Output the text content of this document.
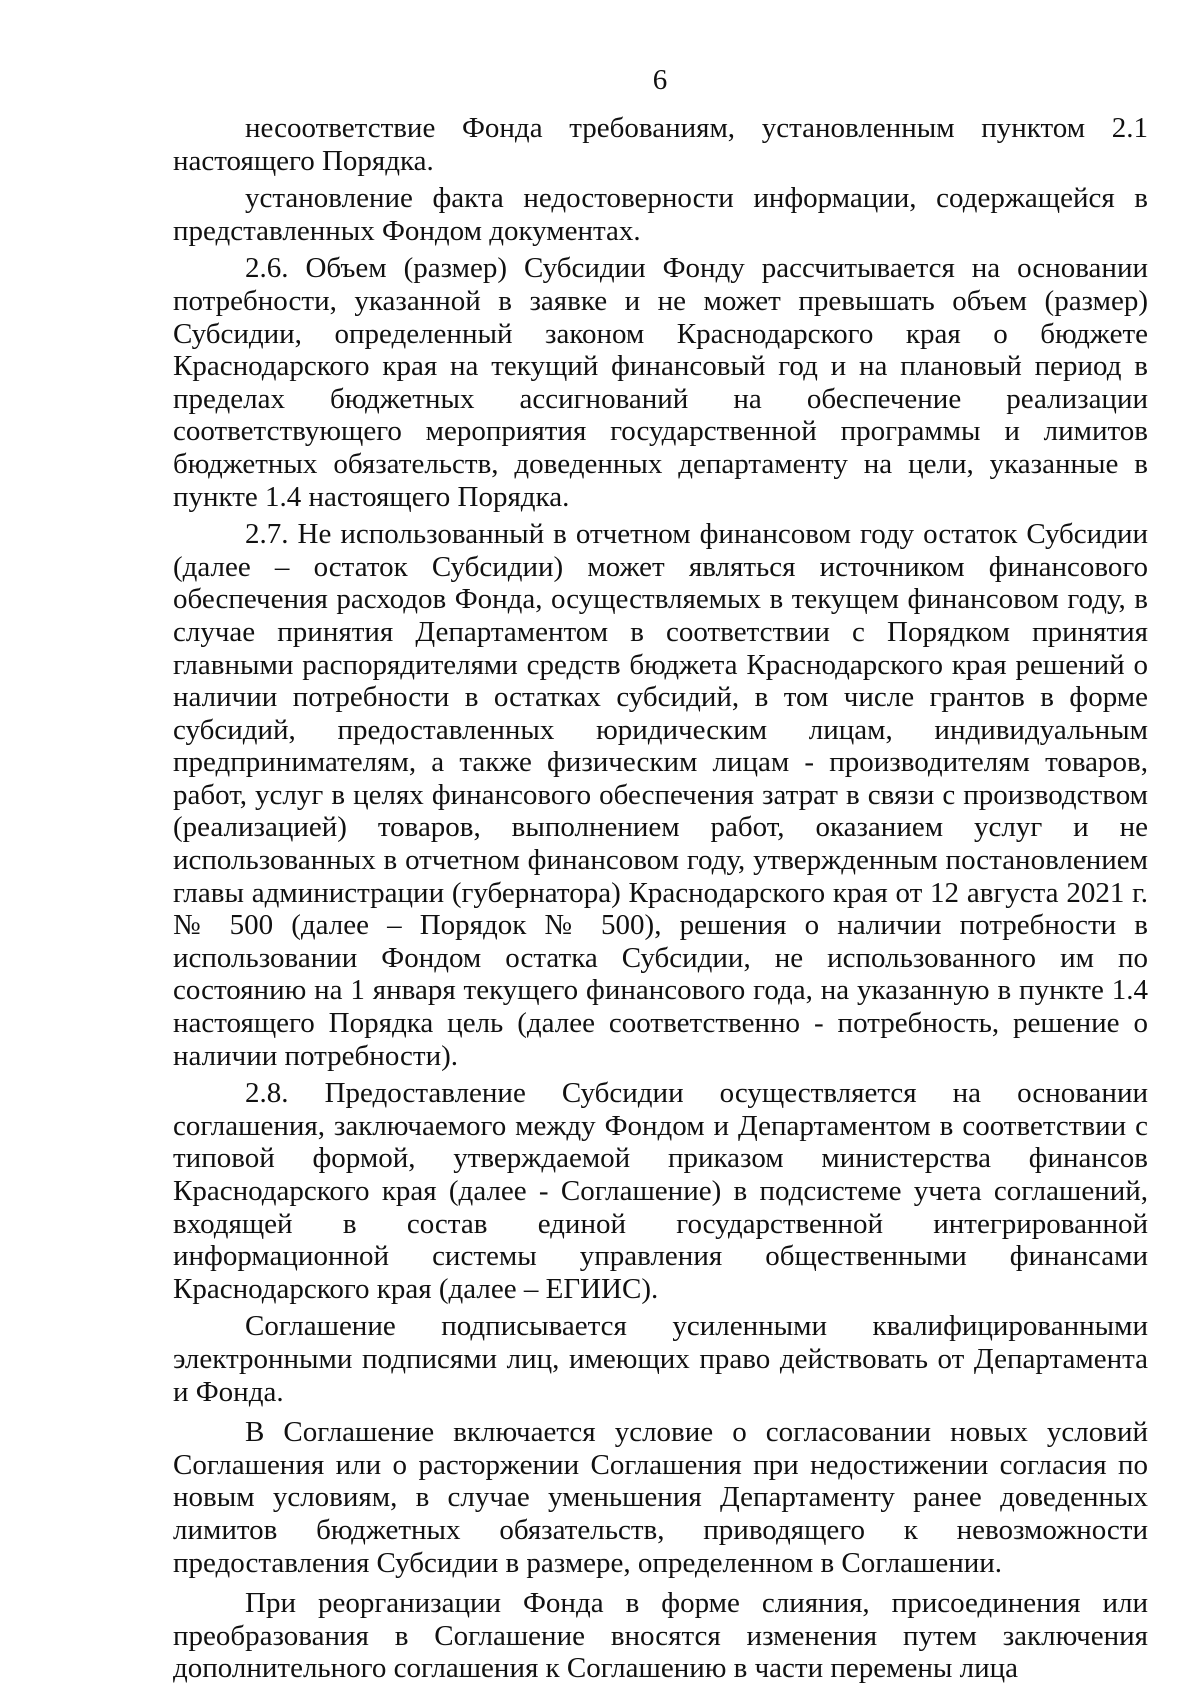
6

несоответствие Фонда требованиям, установленным пунктом 2.1 настоящего Порядка.

установление факта недостоверности информации, содержащейся в представленных Фондом документах.

2.6. Объем (размер) Субсидии Фонду рассчитывается на основании потребности, указанной в заявке и не может превышать объем (размер) Субсидии, определенный законом Краснодарского края о бюджете Краснодарского края на текущий финансовый год и на плановый период в пределах бюджетных ассигнований на обеспечение реализации соответствующего мероприятия государственной программы и лимитов бюджетных обязательств, доведенных департаменту на цели, указанные в пункте 1.4 настоящего Порядка.

2.7. Не использованный в отчетном финансовом году остаток Субсидии (далее – остаток Субсидии) может являться источником финансового обеспечения расходов Фонда, осуществляемых в текущем финансовом году, в случае принятия Департаментом в соответствии с Порядком принятия главными распорядителями средств бюджета Краснодарского края решений о наличии потребности в остатках субсидий, в том числе грантов в форме субсидий, предоставленных юридическим лицам, индивидуальным предпринимателям, а также физическим лицам - производителям товаров, работ, услуг в целях финансового обеспечения затрат в связи с производством (реализацией) товаров, выполнением работ, оказанием услуг и не использованных в отчетном финансовом году, утвержденным постановлением главы администрации (губернатора) Краснодарского края от 12 августа 2021 г. № 500 (далее – Порядок № 500), решения о наличии потребности в использовании Фондом остатка Субсидии, не использованного им по состоянию на 1 января текущего финансового года, на указанную в пункте 1.4 настоящего Порядка цель (далее соответственно - потребность, решение о наличии потребности).

2.8. Предоставление Субсидии осуществляется на основании соглашения, заключаемого между Фондом и Департаментом в соответствии с типовой формой, утверждаемой приказом министерства финансов Краснодарского края (далее - Соглашение) в подсистеме учета соглашений, входящей в состав единой государственной интегрированной информационной системы управления общественными финансами Краснодарского края (далее – ЕГИИС).

Соглашение подписывается усиленными квалифицированными электронными подписями лиц, имеющих право действовать от Департамента и Фонда.

В Соглашение включается условие о согласовании новых условий Соглашения или о расторжении Соглашения при недостижении согласия по новым условиям, в случае уменьшения Департаменту ранее доведенных лимитов бюджетных обязательств, приводящего к невозможности предоставления Субсидии в размере, определенном в Соглашении.

При реорганизации Фонда в форме слияния, присоединения или преобразования в Соглашение вносятся изменения путем заключения дополнительного соглашения к Соглашению в части перемены лица
